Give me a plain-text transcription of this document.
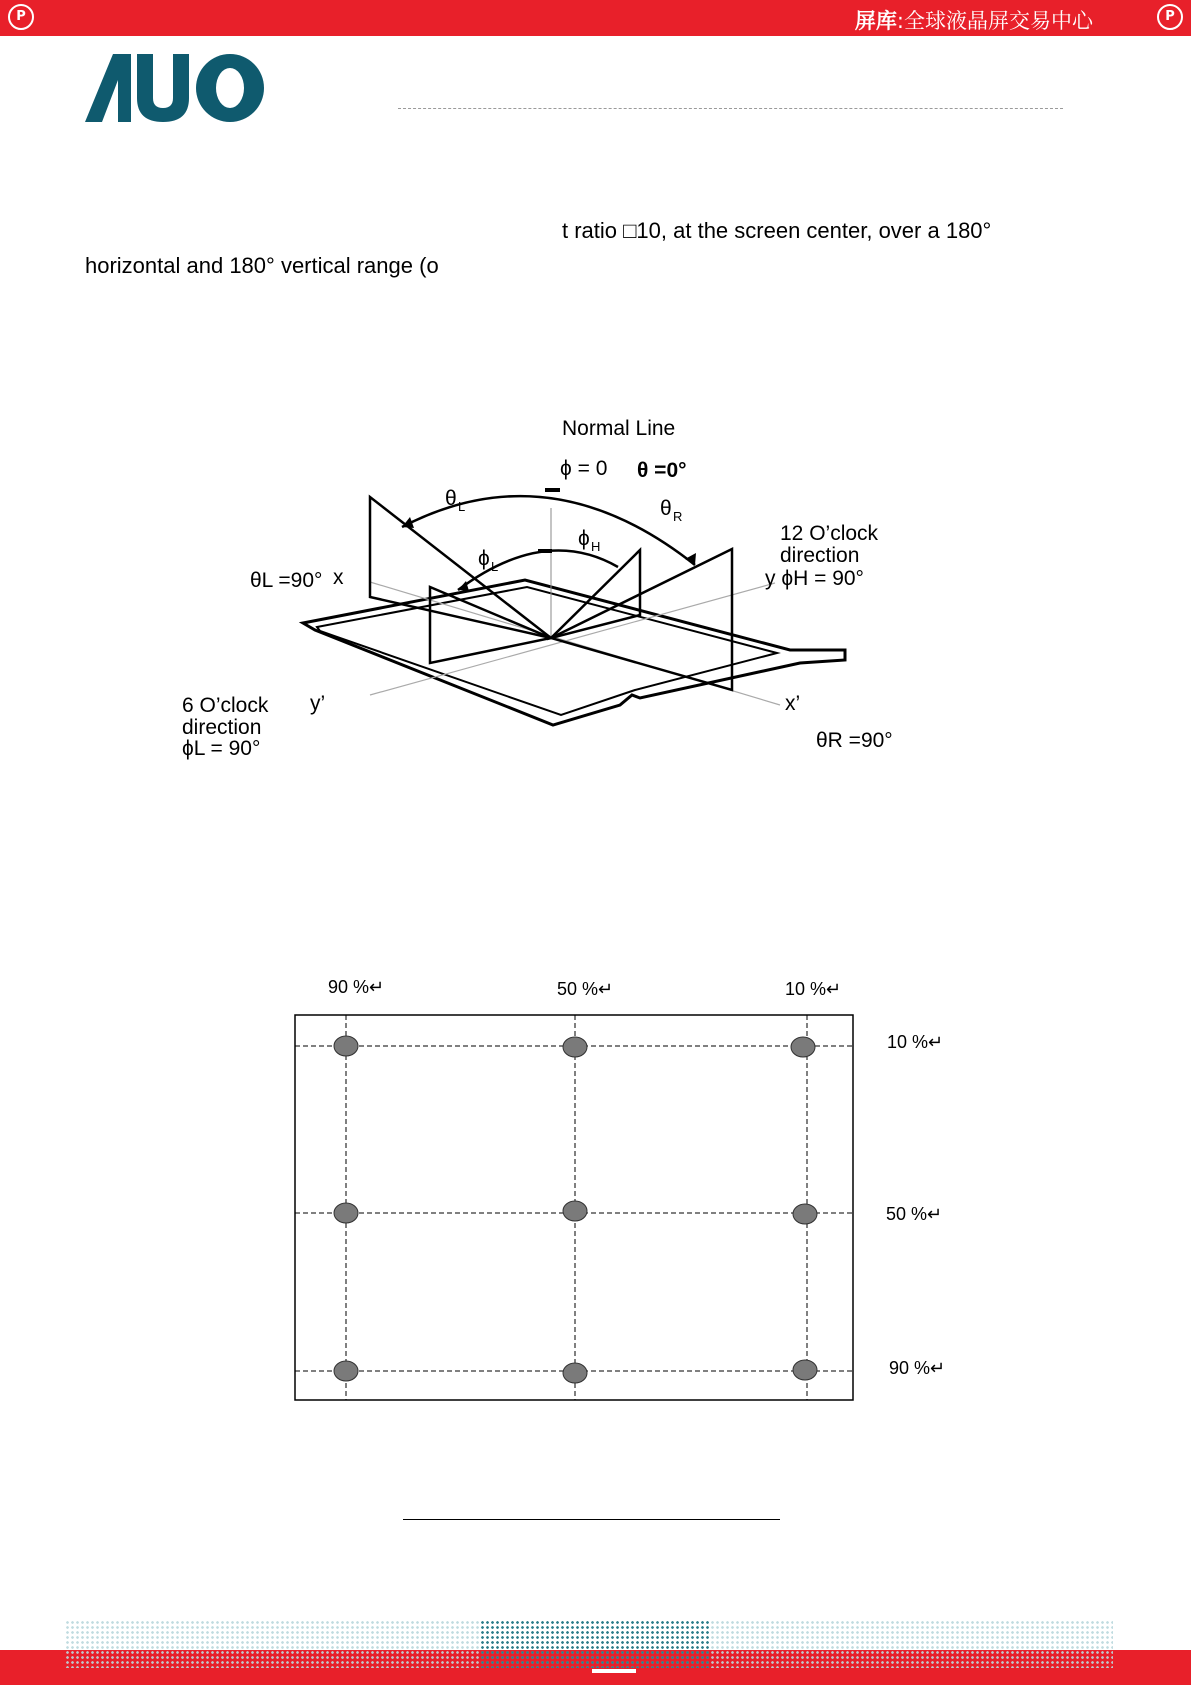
P	屏库:全球液晶屏交易中心	P
t ratio □10, at the screen center, over a 180°
horizontal and 180° vertical range (o
Normal Line
ϕ = 0 θ =0°
θ L	θ R
ϕ H
ϕ L
12 O’clock
direction
y ϕH = 90°
θL =90° x
x’
y’
6 O’clock
direction
ϕL = 90°	θR =90°
90 %↵	50 %↵	10 %↵
10 %↵
50 %↵
90 %↵
